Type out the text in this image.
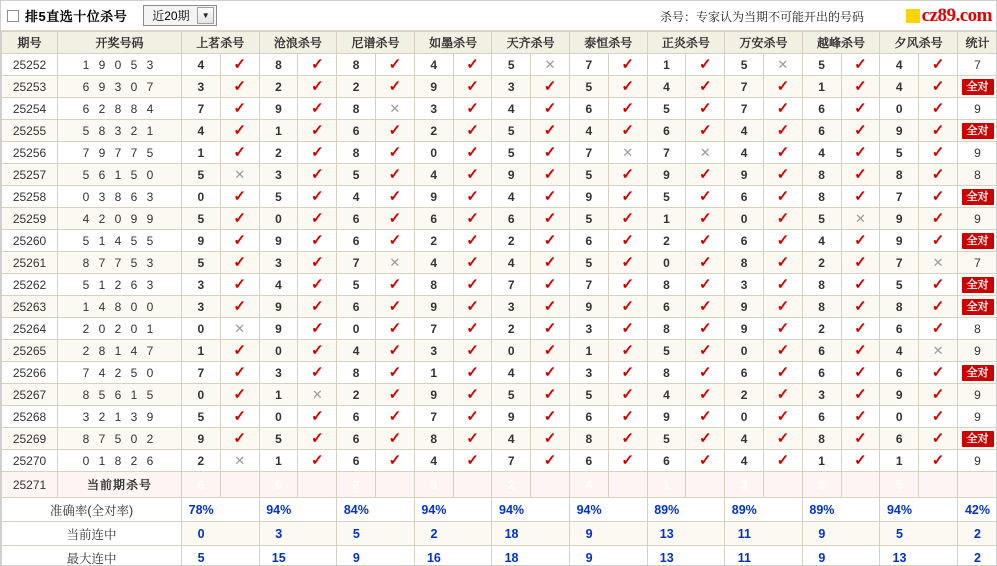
排5直选十位杀号 近20期	▼	杀号：专家认为当期不可能开出的号码	cz89.com
期号	开奖号码	上茗杀号		沧浪杀号		尼谱杀号		如墨杀号		天齐杀号		泰恒杀号		正炎杀号		万安杀号		越峰杀号		夕风杀号		统计
25252	1 9 0 5 3	4	✓	8	✓	8	✓	4	✓	5	✕	7	✓	1	✓	5	✕	5	✓	4	✓	7
25253	6 9 3 0 7	3	✓	2	✓	2	✓	9	✓	3	✓	5	✓	4	✓	7	✓	1	✓	4	✓	全对
25254	6 2 8 8 4	7	✓	9	✓	8	✕	3	✓	4	✓	6	✓	5	✓	7	✓	6	✓	0	✓	9
25255	5 8 3 2 1	4	✓	1	✓	6	✓	2	✓	5	✓	4	✓	6	✓	4	✓	6	✓	9	✓	全对
25256	7 9 7 7 5	1	✓	2	✓	8	✓	0	✓	5	✓	7	✕	7	✕	4	✓	4	✓	5	✓	9
25257	5 6 1 5 0	5	✕	3	✓	5	✓	4	✓	9	✓	5	✓	9	✓	9	✓	8	✓	8	✓	8
25258	0 3 8 6 3	0	✓	5	✓	4	✓	9	✓	4	✓	9	✓	5	✓	6	✓	8	✓	7	✓	全对
25259	4 2 0 9 9	5	✓	0	✓	6	✓	6	✓	6	✓	5	✓	1	✓	0	✓	5	✕	9	✓	9
25260	5 1 4 5 5	9	✓	9	✓	6	✓	2	✓	2	✓	6	✓	2	✓	6	✓	4	✓	9	✓	全对
25261	8 7 7 5 3	5	✓	3	✓	7	✕	4	✓	4	✓	5	✓	0	✓	8	✓	2	✓	7	✕	7
25262	5 1 2 6 3	3	✓	4	✓	5	✓	8	✓	7	✓	7	✓	8	✓	3	✓	8	✓	5	✓	全对
25263	1 4 8 0 0	3	✓	9	✓	6	✓	9	✓	3	✓	9	✓	6	✓	9	✓	8	✓	8	✓	全对
25264	2 0 2 0 1	0	✕	9	✓	0	✓	7	✓	2	✓	3	✓	8	✓	9	✓	2	✓	6	✓	8
25265	2 8 1 4 7	1	✓	0	✓	4	✓	3	✓	0	✓	1	✓	5	✓	0	✓	6	✓	4	✕	9
25266	7 4 2 5 0	7	✓	3	✓	8	✓	1	✓	4	✓	3	✓	8	✓	6	✓	6	✓	6	✓	全对
25267	8 5 6 1 5	0	✓	1	✕	2	✓	9	✓	5	✓	5	✓	4	✓	2	✓	3	✓	9	✓	9
25268	3 2 1 3 9	5	✓	0	✓	6	✓	7	✓	9	✓	6	✓	9	✓	0	✓	6	✓	0	✓	9
25269	8 7 5 0 2	9	✓	5	✓	6	✓	8	✓	4	✓	8	✓	5	✓	4	✓	8	✓	6	✓	全对
25270	0 1 8 2 6	2	✕	1	✓	6	✓	4	✓	7	✓	6	✓	6	✓	4	✓	1	✓	1	✓	9
25271	当前期杀号	6		6		2		9		2		4		1		3		0		5		
准确率(全对率)		78%		94%		84%		94%		94%		94%		89%		89%		89%		94%		42%
当前连中		0		3		5		2		18		9		13		11		9		5		2
最大连中		5		15		9		16		18		9		13		11		9		13		2
